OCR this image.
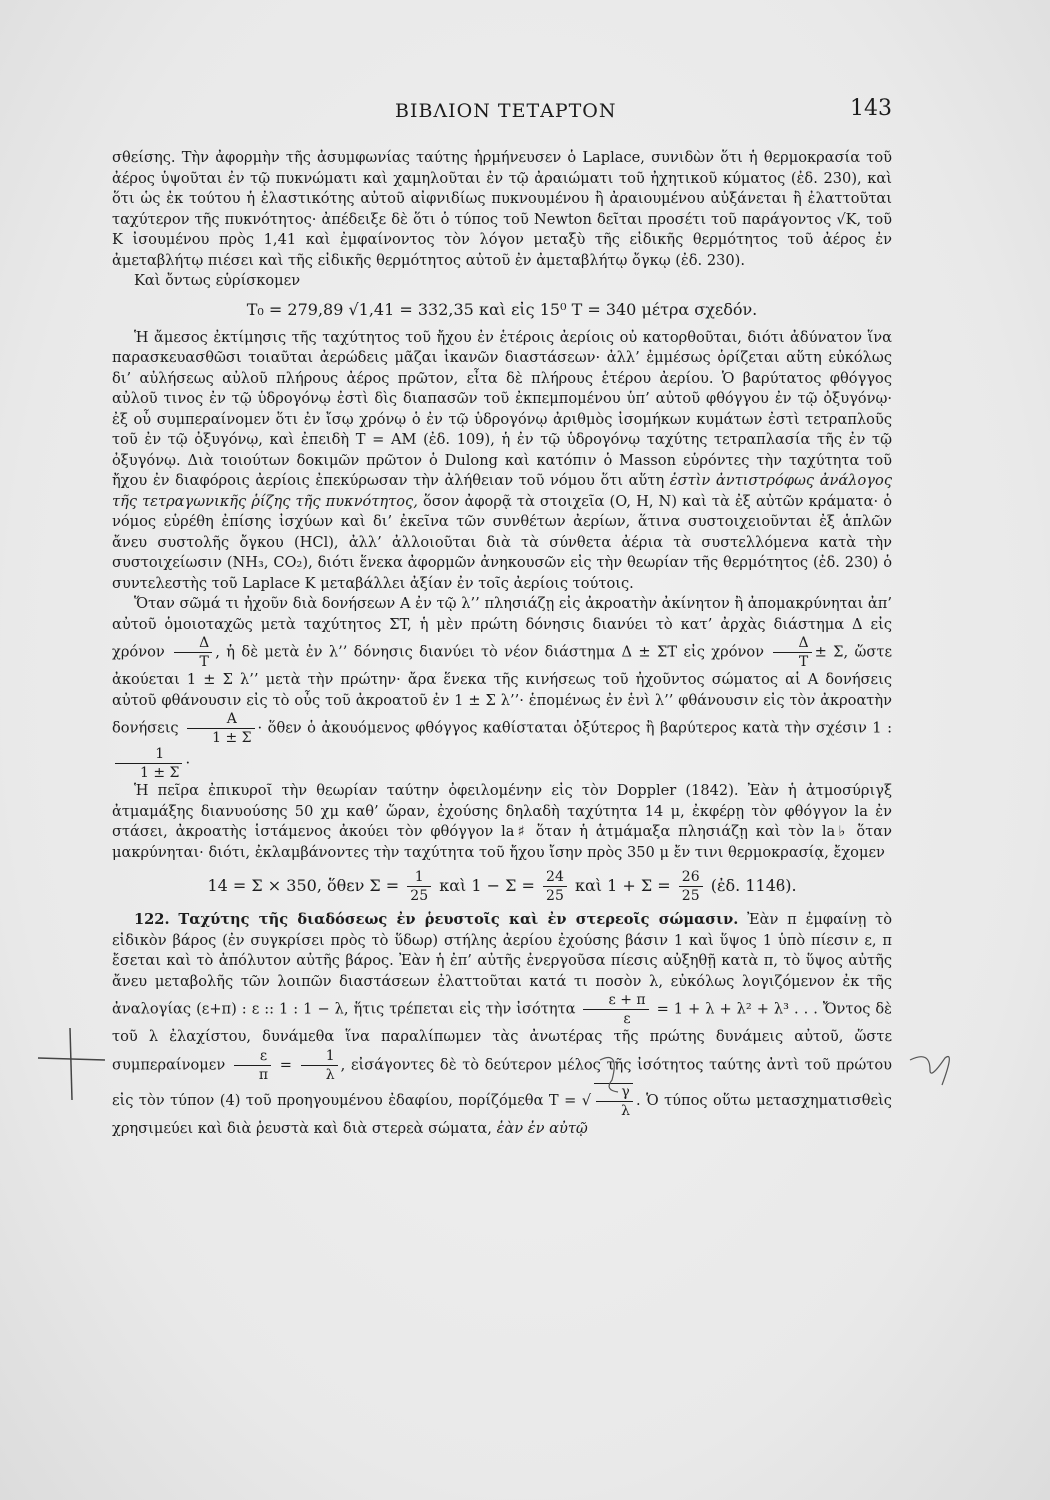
ΒΙΒΛΙΟΝ ΤΕΤΑΡΤΟΝ	143

σθείσης. Τὴν ἀφορμὴν τῆς ἀσυμφωνίας ταύτης ἡρμήνευσεν ὁ Laplace, συνιδὼν ὅτι ἡ θερμοκρασία τοῦ ἀέρος ὑψοῦται ἐν τῷ πυκνώματι καὶ χαμηλοῦται ἐν τῷ ἀραιώματι τοῦ ἠχητικοῦ κύματος (ἐδ. 230), καὶ ὅτι ὡς ἐκ τούτου ἡ ἐλαστικότης αὐτοῦ αἰφνιδίως πυκνουμένου ἢ ἀραιουμένου αὐξάνεται ἢ ἐλαττοῦται ταχύτερον τῆς πυκνότητος· ἀπέδειξε δὲ ὅτι ὁ τύπος τοῦ Newton δεῖται προσέτι τοῦ παράγοντος √K, τοῦ K ἰσουμένου πρὸς 1,41 καὶ ἐμφαίνοντος τὸν λόγον μεταξὺ τῆς εἰδικῆς θερμότητος τοῦ ἀέρος ἐν ἀμεταβλήτῳ πιέσει καὶ τῆς εἰδικῆς θερμότητος αὐτοῦ ἐν ἀμεταβλήτῳ ὄγκῳ (ἐδ. 230).

Καὶ ὄντως εὑρίσκομεν

T₀ = 279,89 √1,41 = 332,35 καὶ εἰς 15⁰ T = 340 μέτρα σχεδόν.

Ἡ ἄμεσος ἐκτίμησις τῆς ταχύτητος τοῦ ἤχου ἐν ἑτέροις ἀερίοις οὐ κατορθοῦται, διότι ἀδύνατον ἵνα παρασκευασθῶσι τοιαῦται ἀερώδεις μᾶζαι ἱκανῶν διαστάσεων· ἀλλ’ ἐμμέσως ὁρίζεται αὕτη εὐκόλως δι’ αὐλήσεως αὐλοῦ πλήρους ἀέρος πρῶτον, εἶτα δὲ πλήρους ἑτέρου ἀερίου. Ὁ βαρύτατος φθόγγος αὐλοῦ τινος ἐν τῷ ὑδρογόνῳ ἐστὶ δὶς διαπασῶν τοῦ ἐκπεμπομένου ὑπ’ αὐτοῦ φθόγγου ἐν τῷ ὀξυγόνῳ· ἐξ οὗ συμπεραίνομεν ὅτι ἐν ἴσῳ χρόνῳ ὁ ἐν τῷ ὑδρογόνῳ ἀριθμὸς ἰσομήκων κυμάτων ἐστὶ τετραπλοῦς τοῦ ἐν τῷ ὀξυγόνῳ, καὶ ἐπειδὴ T = AM (ἐδ. 109), ἡ ἐν τῷ ὑδρογόνῳ ταχύτης τετραπλασία τῆς ἐν τῷ ὀξυγόνῳ. Διὰ τοιούτων δοκιμῶν πρῶτον ὁ Dulong καὶ κατόπιν ὁ Masson εὑρόντες τὴν ταχύτητα τοῦ ἤχου ἐν διαφόροις ἀερίοις ἐπεκύρωσαν τὴν ἀλήθειαν τοῦ νόμου ὅτι αὕτη ἐστὶν ἀντιστρόφως ἀνάλογος τῆς τετραγωνικῆς ῥίζης τῆς πυκνότητος, ὅσον ἀφορᾷ τὰ στοιχεῖα (O, H, N) καὶ τὰ ἐξ αὐτῶν κράματα· ὁ νόμος εὑρέθη ἐπίσης ἰσχύων καὶ δι’ ἐκεῖνα τῶν συνθέτων ἀερίων, ἅτινα συστοιχειοῦνται ἐξ ἁπλῶν ἄνευ συστολῆς ὄγκου (HCl), ἀλλ’ ἀλλοιοῦται διὰ τὰ σύνθετα ἀέρια τὰ συστελλόμενα κατὰ τὴν συστοιχείωσιν (NH₃, CO₂), διότι ἕνεκα ἀφορμῶν ἀνηκουσῶν εἰς τὴν θεωρίαν τῆς θερμότητος (ἐδ. 230) ὁ συντελεστὴς τοῦ Laplace K μεταβάλλει ἀξίαν ἐν τοῖς ἀερίοις τούτοις.

Ὅταν σῶμά τι ἠχοῦν διὰ δονήσεων A ἐν τῷ λ’’ πλησιάζῃ εἰς ἀκροατὴν ἀκίνητον ἢ ἀπομακρύνηται ἀπ’ αὐτοῦ ὁμοιοταχῶς μετὰ ταχύτητος ΣT, ἡ μὲν πρώτη δόνησις διανύει τὸ κατ’ ἀρχὰς διάστημα Δ εἰς χρόνον $\frac{\Delta}{T}$ , ἡ δὲ μετὰ ἐν λ’’ δόνησις διανύει τὸ νέον διάστημα Δ ± ΣT εἰς χρόνον $\frac{\Delta}{T} \pm \Sigma$, ὥστε ἀκούεται 1 ± Σ λ’’ μετὰ τὴν πρώτην· ἄρα ἕνεκα τῆς κινήσεως τοῦ ἠχοῦντος σώματος αἱ A δονήσεις αὐτοῦ φθάνουσιν εἰς τὸ οὖς τοῦ ἀκροατοῦ ἐν 1 ± Σ λ’’· ἑπομένως ἐν ἑνὶ λ’’ φθάνουσιν εἰς τὸν ἀκροατὴν δονήσεις $\frac{A}{1 \pm \Sigma}$ · ὅθεν ὁ ἀκουόμενος φθόγγος καθίσταται ὀξύτερος ἢ βαρύτερος κατὰ τὴν σχέσιν 1 :
$\frac{1}{1 \pm \Sigma}$ ·

Ἡ πεῖρα ἐπικυροῖ τὴν θεωρίαν ταύτην ὀφειλομένην εἰς τὸν Doppler (1842). Ἐὰν ἡ ἀτμοσύριγξ ἀτμαμάξης διανυούσης 50 χμ καθ’ ὥραν, ἐχούσης δηλαδὴ ταχύτητα 14 μ, ἐκφέρῃ τὸν φθόγγον la ἐν στάσει, ἀκροατὴς ἱστάμενος ἀκούει τὸν φθόγγον la♯ ὅταν ἡ ἁτμάμαξα πλησιάζῃ καὶ τὸν la♭ ὅταν μακρύνηται· διότι, ἐκλαμβάνοντες τὴν ταχύτητα τοῦ ἤχου ἴσην πρὸς 350 μ ἔν τινι θερμοκρασίᾳ, ἔχομεν

14 = Σ × 350, ὅθεν $\Sigma = \frac{1}{25}$ καὶ $1 - \Sigma = \frac{24}{25}$ καὶ $1 + \Sigma = \frac{26}{25}$ (ἐδ. 114ϐ).

122. Ταχύτης τῆς διαδόσεως ἐν ῥευστοῖς καὶ ἐν στερεοῖς σώμασιν. Ἐὰν π ἐμφαίνῃ τὸ εἰδικὸν βάρος (ἐν συγκρίσει πρὸς τὸ ὕδωρ) στήλης ἀερίου ἐχούσης βάσιν 1 καὶ ὕψος 1 ὑπὸ πίεσιν ε, π ἔσεται καὶ τὸ ἀπόλυτον αὐτῆς βάρος. Ἐὰν ἡ ἐπ’ αὐτῆς ἐνεργοῦσα πίεσις αὐξηθῇ κατὰ π, τὸ ὕψος αὐτῆς ἄνευ μεταβολῆς τῶν λοιπῶν διαστάσεων ἐλαττοῦται κατά τι ποσὸν λ, εὐκόλως λογιζόμενον ἐκ τῆς ἀναλογίας (ε+π) : ε :: 1 : 1 − λ, ἥτις τρέπεται εἰς τὴν ἰσότητα $\frac{\varepsilon + \pi}{\varepsilon} = 1 + \lambda + \lambda^2 + \lambda^3$ . . . Ὄντος δὲ τοῦ λ ἐλαχίστου, δυνάμεθα ἵνα παραλίπωμεν τὰς ἀνωτέρας τῆς πρώτης δυνάμεις αὐτοῦ, ὥστε συμπεραίνομεν $\frac{\varepsilon}{\pi} = \frac{1}{\lambda}$ , εἰσάγοντες δὲ τὸ δεύτερον μέλος τῆς ἰσότητος ταύτης ἀντὶ τοῦ πρώτου εἰς τὸν τύπον (4) τοῦ προηγουμένου ἐδαφίου, πορίζόμεθα T = √ $\frac{\gamma}{\lambda}$ . Ὁ τύπος οὕτω μετασχηματισθεὶς χρησιμεύει καὶ διὰ ῥευστὰ καὶ διὰ στερεὰ σώματα, ἐὰν ἐν αὐτῷ
